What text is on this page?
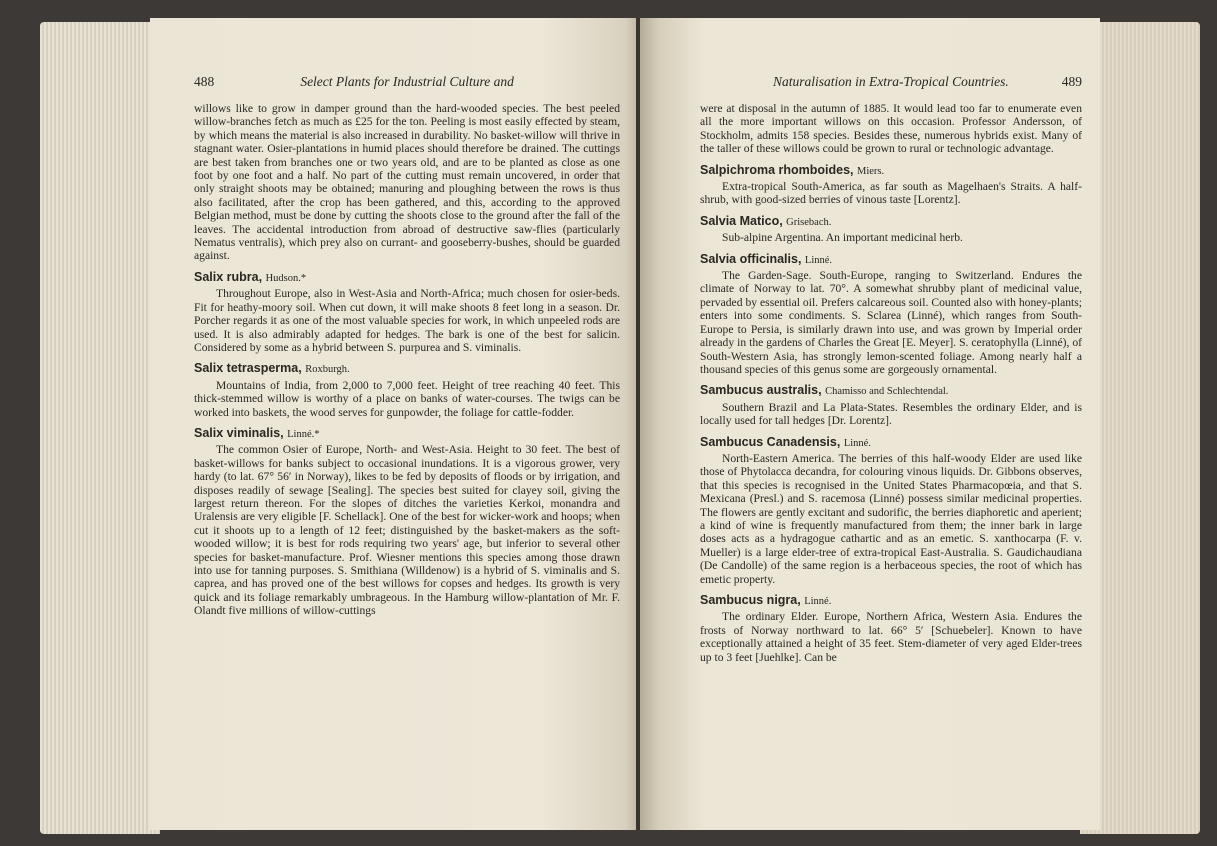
488	Select Plants for Industrial Culture and

willows like to grow in damper ground than the hard-wooded species. The best peeled willow-branches fetch as much as £25 for the ton. Peeling is most easily effected by steam, by which means the material is also increased in durability. No basket-willow will thrive in stagnant water. Osier-plantations in humid places should therefore be drained. The cuttings are best taken from branches one or two years old, and are to be planted as close as one foot by one foot and a half. No part of the cutting must remain uncovered, in order that only straight shoots may be obtained; manuring and ploughing between the rows is thus also facilitated, after the crop has been gathered, and this, according to the approved Belgian method, must be done by cutting the shoots close to the ground after the fall of the leaves. The accidental introduction from abroad of destructive saw-flies (particularly Nematus ventralis), which prey also on currant- and gooseberry-bushes, should be guarded against.

Salix rubra, Hudson.*

Throughout Europe, also in West-Asia and North-Africa; much chosen for osier-beds. Fit for heathy-moory soil. When cut down, it will make shoots 8 feet long in a season. Dr. Porcher regards it as one of the most valuable species for work, in which unpeeled rods are used. It is also admirably adapted for hedges. The bark is one of the best for salicin. Considered by some as a hybrid between S. purpurea and S. viminalis.

Salix tetrasperma, Roxburgh.

Mountains of India, from 2,000 to 7,000 feet. Height of tree reaching 40 feet. This thick-stemmed willow is worthy of a place on banks of water-courses. The twigs can be worked into baskets, the wood serves for gunpowder, the foliage for cattle-fodder.

Salix viminalis, Linné.*

The common Osier of Europe, North- and West-Asia. Height to 30 feet. The best of basket-willows for banks subject to occasional inundations. It is a vigorous grower, very hardy (to lat. 67° 56′ in Norway), likes to be fed by deposits of floods or by irrigation, and disposes readily of sewage [Sealing]. The species best suited for clayey soil, giving the largest return thereon. For the slopes of ditches the varieties Kerkoi, monandra and Uralensis are very eligible [F. Schellack]. One of the best for wicker-work and hoops; when cut it shoots up to a length of 12 feet; distinguished by the basket-makers as the soft-wooded willow; it is best for rods requiring two years' age, but inferior to several other species for basket-manufacture. Prof. Wiesner mentions this species among those drawn into use for tanning purposes. S. Smithiana (Willdenow) is a hybrid of S. viminalis and S. caprea, and has proved one of the best willows for copses and hedges. Its growth is very quick and its foliage remarkably umbrageous. In the Hamburg willow-plantation of Mr. F. Olandt five millions of willow-cuttings

Naturalisation in Extra-Tropical Countries.	489

were at disposal in the autumn of 1885. It would lead too far to enumerate even all the more important willows on this occasion. Professor Andersson, of Stockholm, admits 158 species. Besides these, numerous hybrids exist. Many of the taller of these willows could be grown to rural or technologic advantage.

Salpichroma rhomboides, Miers.

Extra-tropical South-America, as far south as Magelhaen's Straits. A half-shrub, with good-sized berries of vinous taste [Lorentz].

Salvia Matico, Grisebach.

Sub-alpine Argentina. An important medicinal herb.

Salvia officinalis, Linné.

The Garden-Sage. South-Europe, ranging to Switzerland. Endures the climate of Norway to lat. 70°. A somewhat shrubby plant of medicinal value, pervaded by essential oil. Prefers calcareous soil. Counted also with honey-plants; enters into some condiments. S. Sclarea (Linné), which ranges from South-Europe to Persia, is similarly drawn into use, and was grown by Imperial order already in the gardens of Charles the Great [E. Meyer]. S. ceratophylla (Linné), of South-Western Asia, has strongly lemon-scented foliage. Among nearly half a thousand species of this genus some are gorgeously ornamental.

Sambucus australis, Chamisso and Schlechtendal.

Southern Brazil and La Plata-States. Resembles the ordinary Elder, and is locally used for tall hedges [Dr. Lorentz].

Sambucus Canadensis, Linné.

North-Eastern America. The berries of this half-woody Elder are used like those of Phytolacca decandra, for colouring vinous liquids. Dr. Gibbons observes, that this species is recognised in the United States Pharmacopœia, and that S. Mexicana (Presl.) and S. racemosa (Linné) possess similar medicinal properties. The flowers are gently excitant and sudorific, the berries diaphoretic and aperient; a kind of wine is frequently manufactured from them; the inner bark in large doses acts as a hydragogue cathartic and as an emetic. S. xanthocarpa (F. v. Mueller) is a large elder-tree of extra-tropical East-Australia. S. Gaudichaudiana (De Candolle) of the same region is a herbaceous species, the root of which has emetic property.

Sambucus nigra, Linné.

The ordinary Elder. Europe, Northern Africa, Western Asia. Endures the frosts of Norway northward to lat. 66° 5′ [Schuebeler]. Known to have exceptionally attained a height of 35 feet. Stem-diameter of very aged Elder-trees up to 3 feet [Juehlke]. Can be
